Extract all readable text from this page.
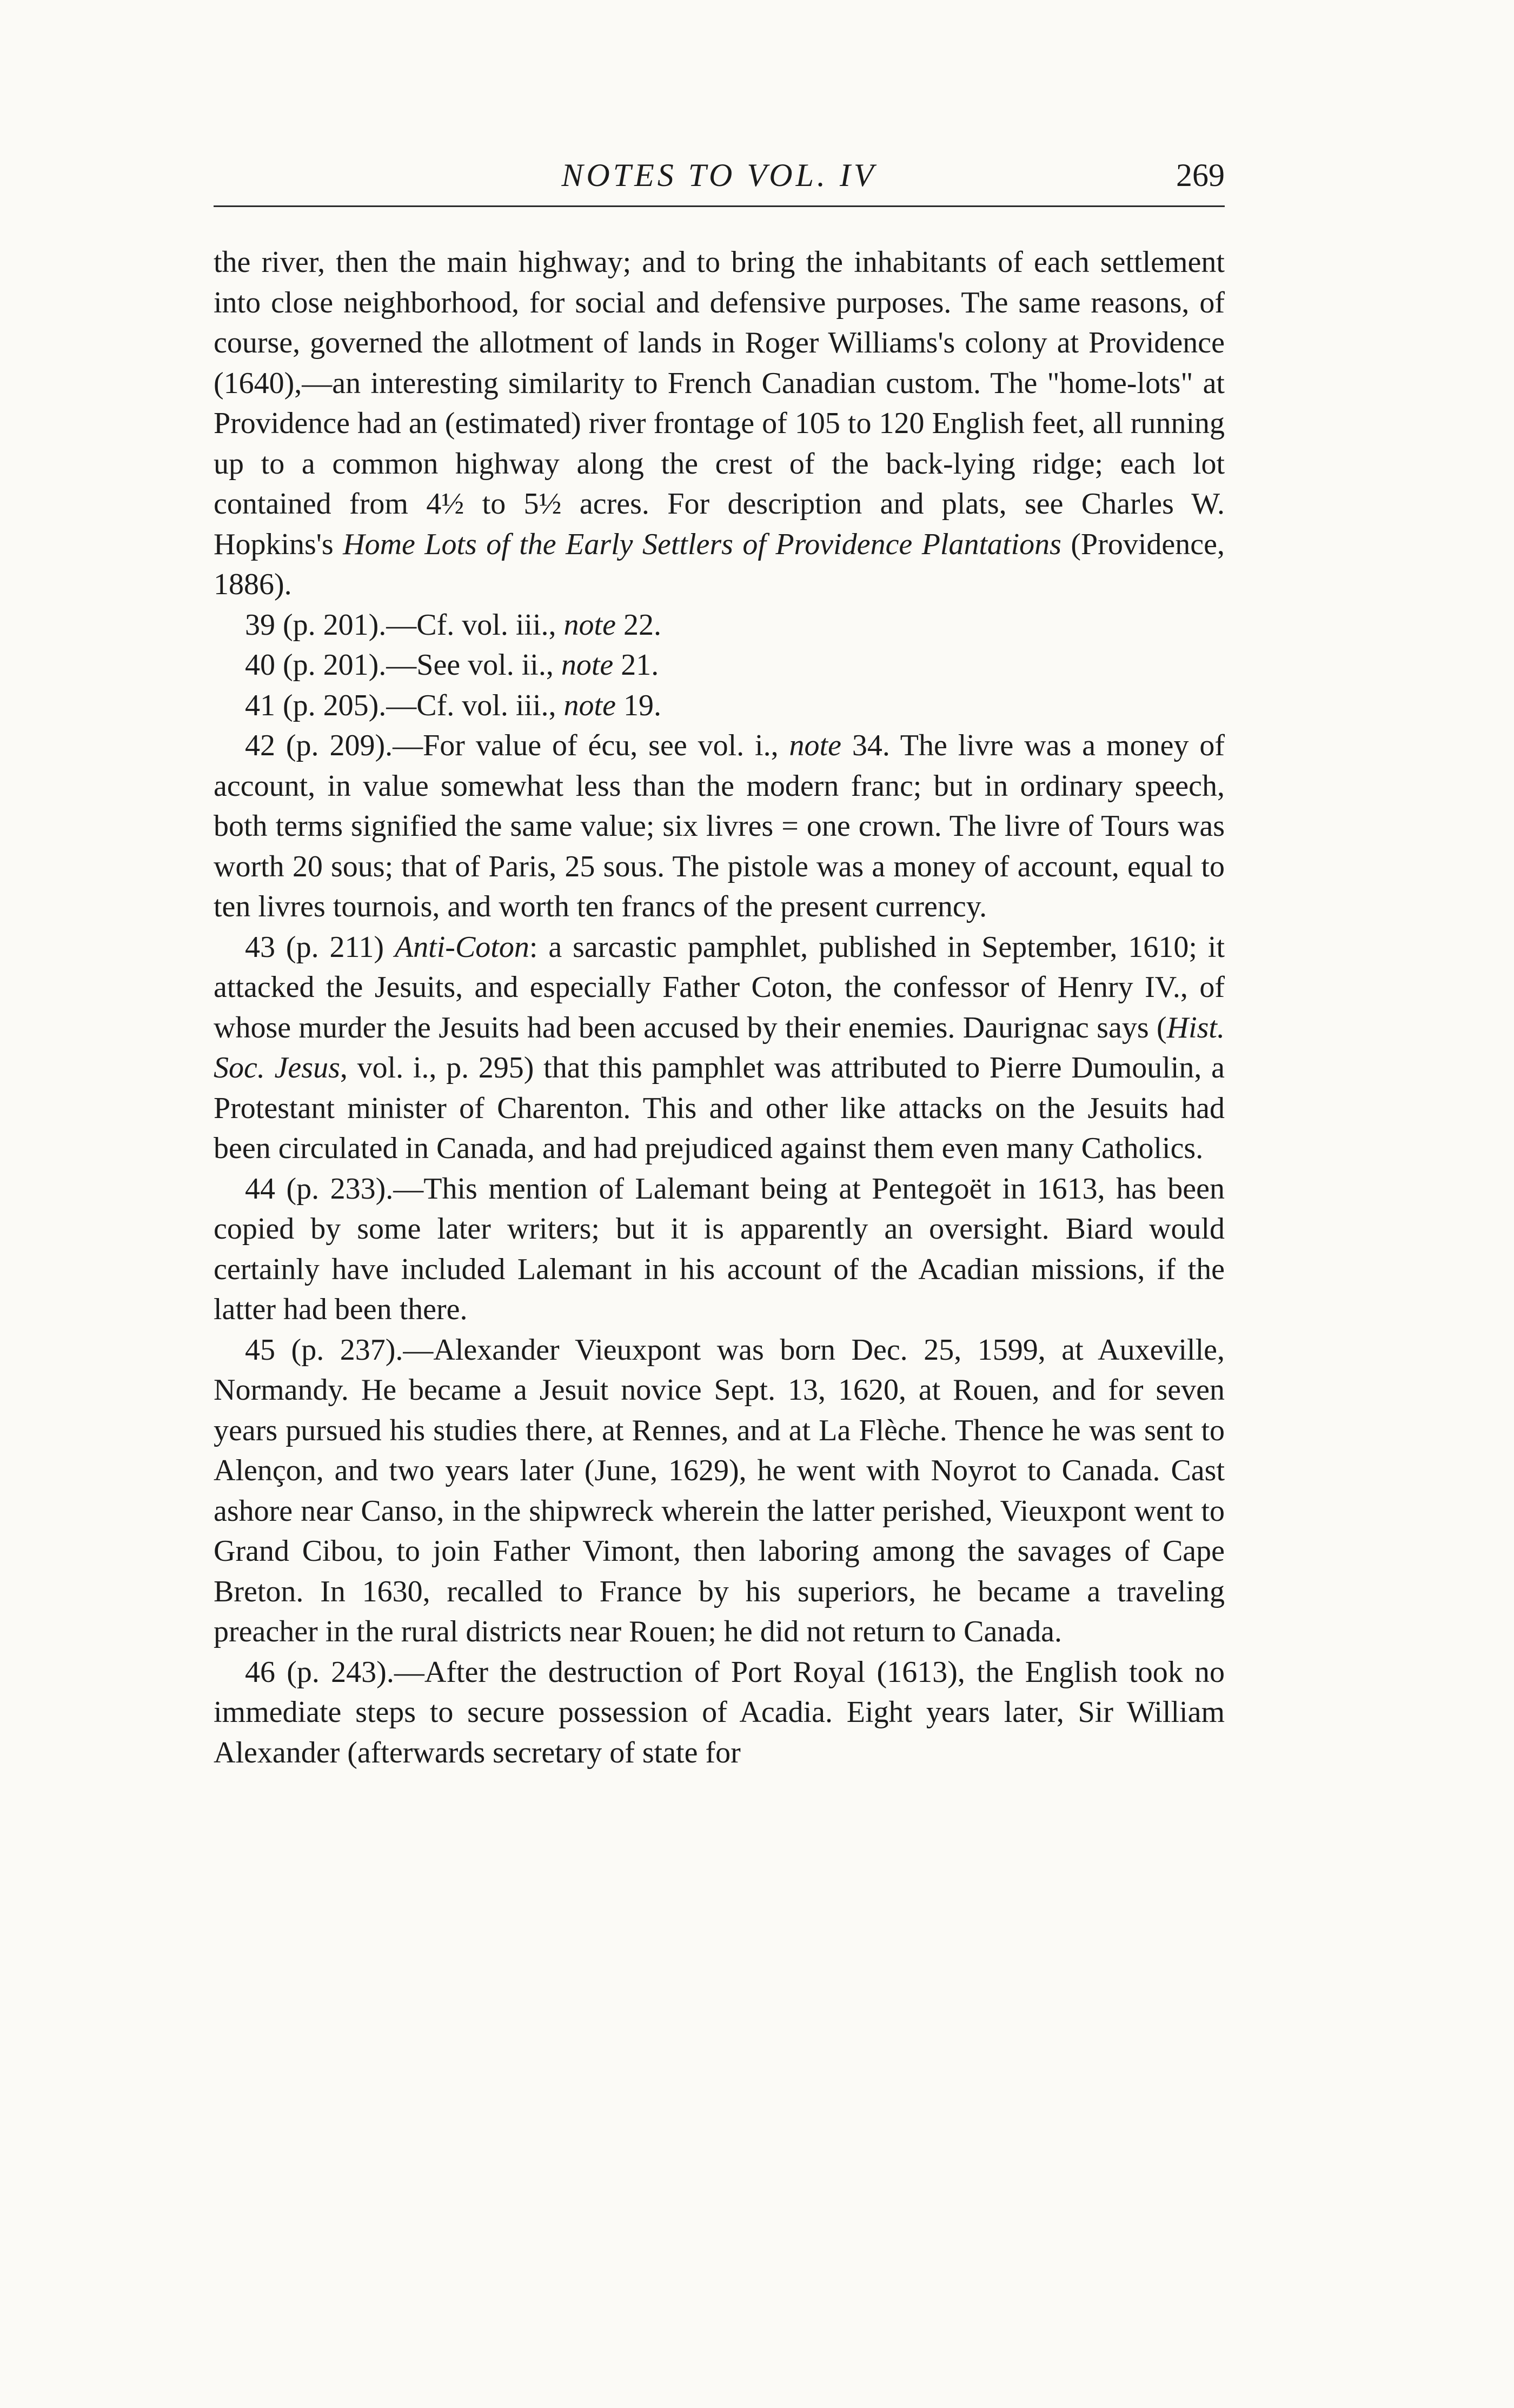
NOTES TO VOL. IV	269

the river, then the main highway; and to bring the inhabitants of each settlement into close neighborhood, for social and defensive purposes. The same reasons, of course, governed the allotment of lands in Roger Williams's colony at Providence (1640),—an interesting similarity to French Canadian custom. The "home-lots" at Providence had an (estimated) river frontage of 105 to 120 English feet, all running up to a common highway along the crest of the back-lying ridge; each lot contained from 4½ to 5½ acres. For description and plats, see Charles W. Hopkins's Home Lots of the Early Settlers of Providence Plantations (Providence, 1886).

39 (p. 201).—Cf. vol. iii., note 22.

40 (p. 201).—See vol. ii., note 21.

41 (p. 205).—Cf. vol. iii., note 19.

42 (p. 209).—For value of écu, see vol. i., note 34. The livre was a money of account, in value somewhat less than the modern franc; but in ordinary speech, both terms signified the same value; six livres = one crown. The livre of Tours was worth 20 sous; that of Paris, 25 sous. The pistole was a money of account, equal to ten livres tournois, and worth ten francs of the present currency.

43 (p. 211) Anti-Coton: a sarcastic pamphlet, published in September, 1610; it attacked the Jesuits, and especially Father Coton, the confessor of Henry IV., of whose murder the Jesuits had been accused by their enemies. Daurignac says (Hist. Soc. Jesus, vol. i., p. 295) that this pamphlet was attributed to Pierre Dumoulin, a Protestant minister of Charenton. This and other like attacks on the Jesuits had been circulated in Canada, and had prejudiced against them even many Catholics.

44 (p. 233).—This mention of Lalemant being at Pentegoët in 1613, has been copied by some later writers; but it is apparently an oversight. Biard would certainly have included Lalemant in his account of the Acadian missions, if the latter had been there.

45 (p. 237).—Alexander Vieuxpont was born Dec. 25, 1599, at Auxeville, Normandy. He became a Jesuit novice Sept. 13, 1620, at Rouen, and for seven years pursued his studies there, at Rennes, and at La Flèche. Thence he was sent to Alençon, and two years later (June, 1629), he went with Noyrot to Canada. Cast ashore near Canso, in the shipwreck wherein the latter perished, Vieuxpont went to Grand Cibou, to join Father Vimont, then laboring among the savages of Cape Breton. In 1630, recalled to France by his superiors, he became a traveling preacher in the rural districts near Rouen; he did not return to Canada.

46 (p. 243).—After the destruction of Port Royal (1613), the English took no immediate steps to secure possession of Acadia. Eight years later, Sir William Alexander (afterwards secretary of state for
